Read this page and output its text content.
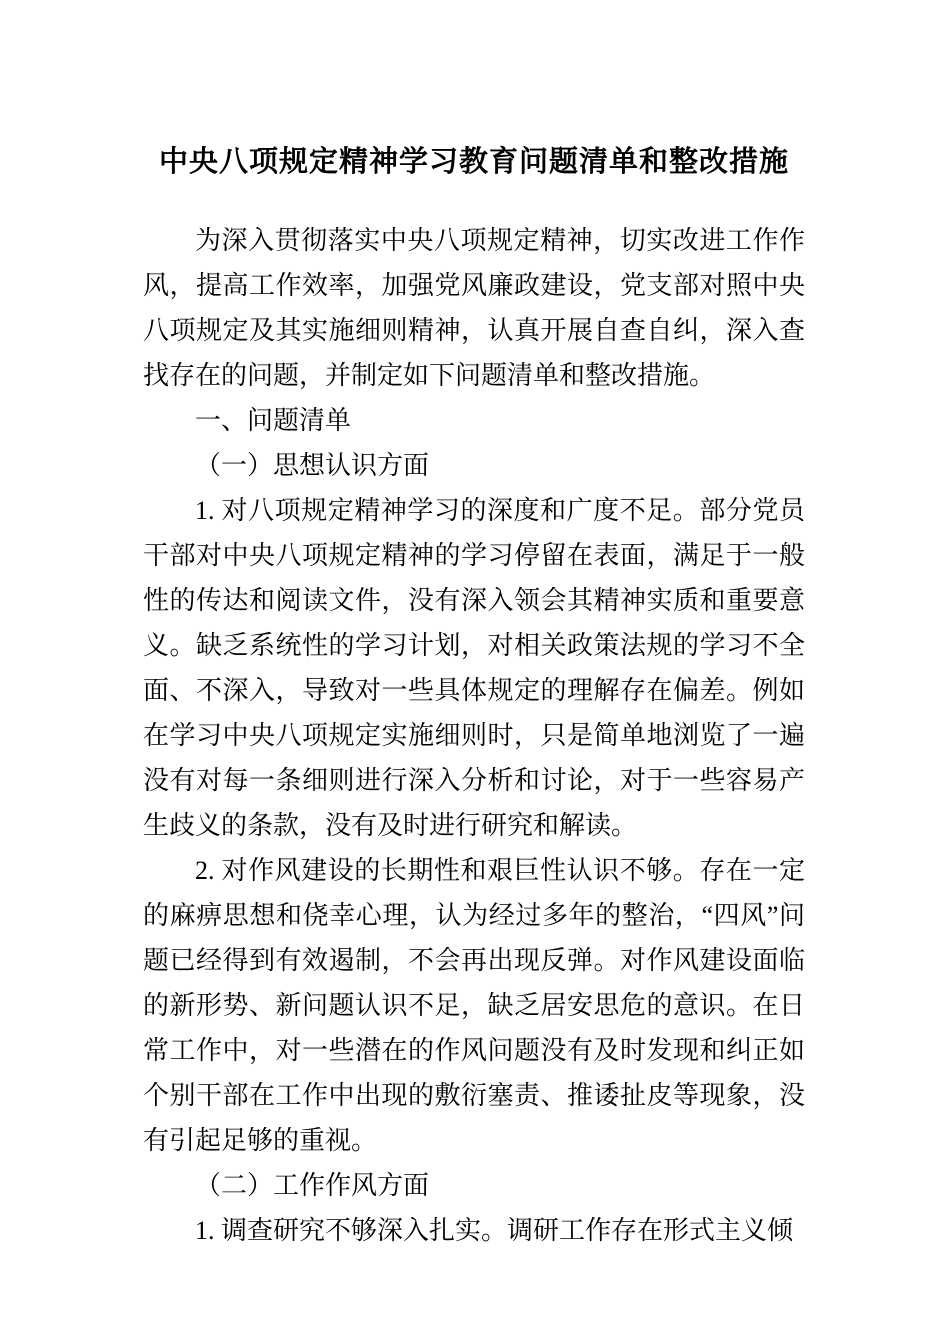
中央八项规定精神学习教育问题清单和整改措施

为深入贯彻落实中央八项规定精神，切实改进工作作风，提高工作效率，加强党风廉政建设，党支部对照中央八项规定及其实施细则精神，认真开展自查自纠，深入查找存在的问题，并制定如下问题清单和整改措施。

一、问题清单

（一）思想认识方面

1. 对八项规定精神学习的深度和广度不足。部分党员干部对中央八项规定精神的学习停留在表面，满足于一般性的传达和阅读文件，没有深入领会其精神实质和重要意义。缺乏系统性的学习计划，对相关政策法规的学习不全面、不深入，导致对一些具体规定的理解存在偏差。例如在学习中央八项规定实施细则时，只是简单地浏览了一遍没有对每一条细则进行深入分析和讨论，对于一些容易产生歧义的条款，没有及时进行研究和解读。

2. 对作风建设的长期性和艰巨性认识不够。存在一定的麻痹思想和侥幸心理，认为经过多年的整治，“四风”问题已经得到有效遏制，不会再出现反弹。对作风建设面临的新形势、新问题认识不足，缺乏居安思危的意识。在日常工作中，对一些潜在的作风问题没有及时发现和纠正如个别干部在工作中出现的敷衍塞责、推诿扯皮等现象，没有引起足够的重视。

（二）工作作风方面

1. 调查研究不够深入扎实。调研工作存在形式主义倾
